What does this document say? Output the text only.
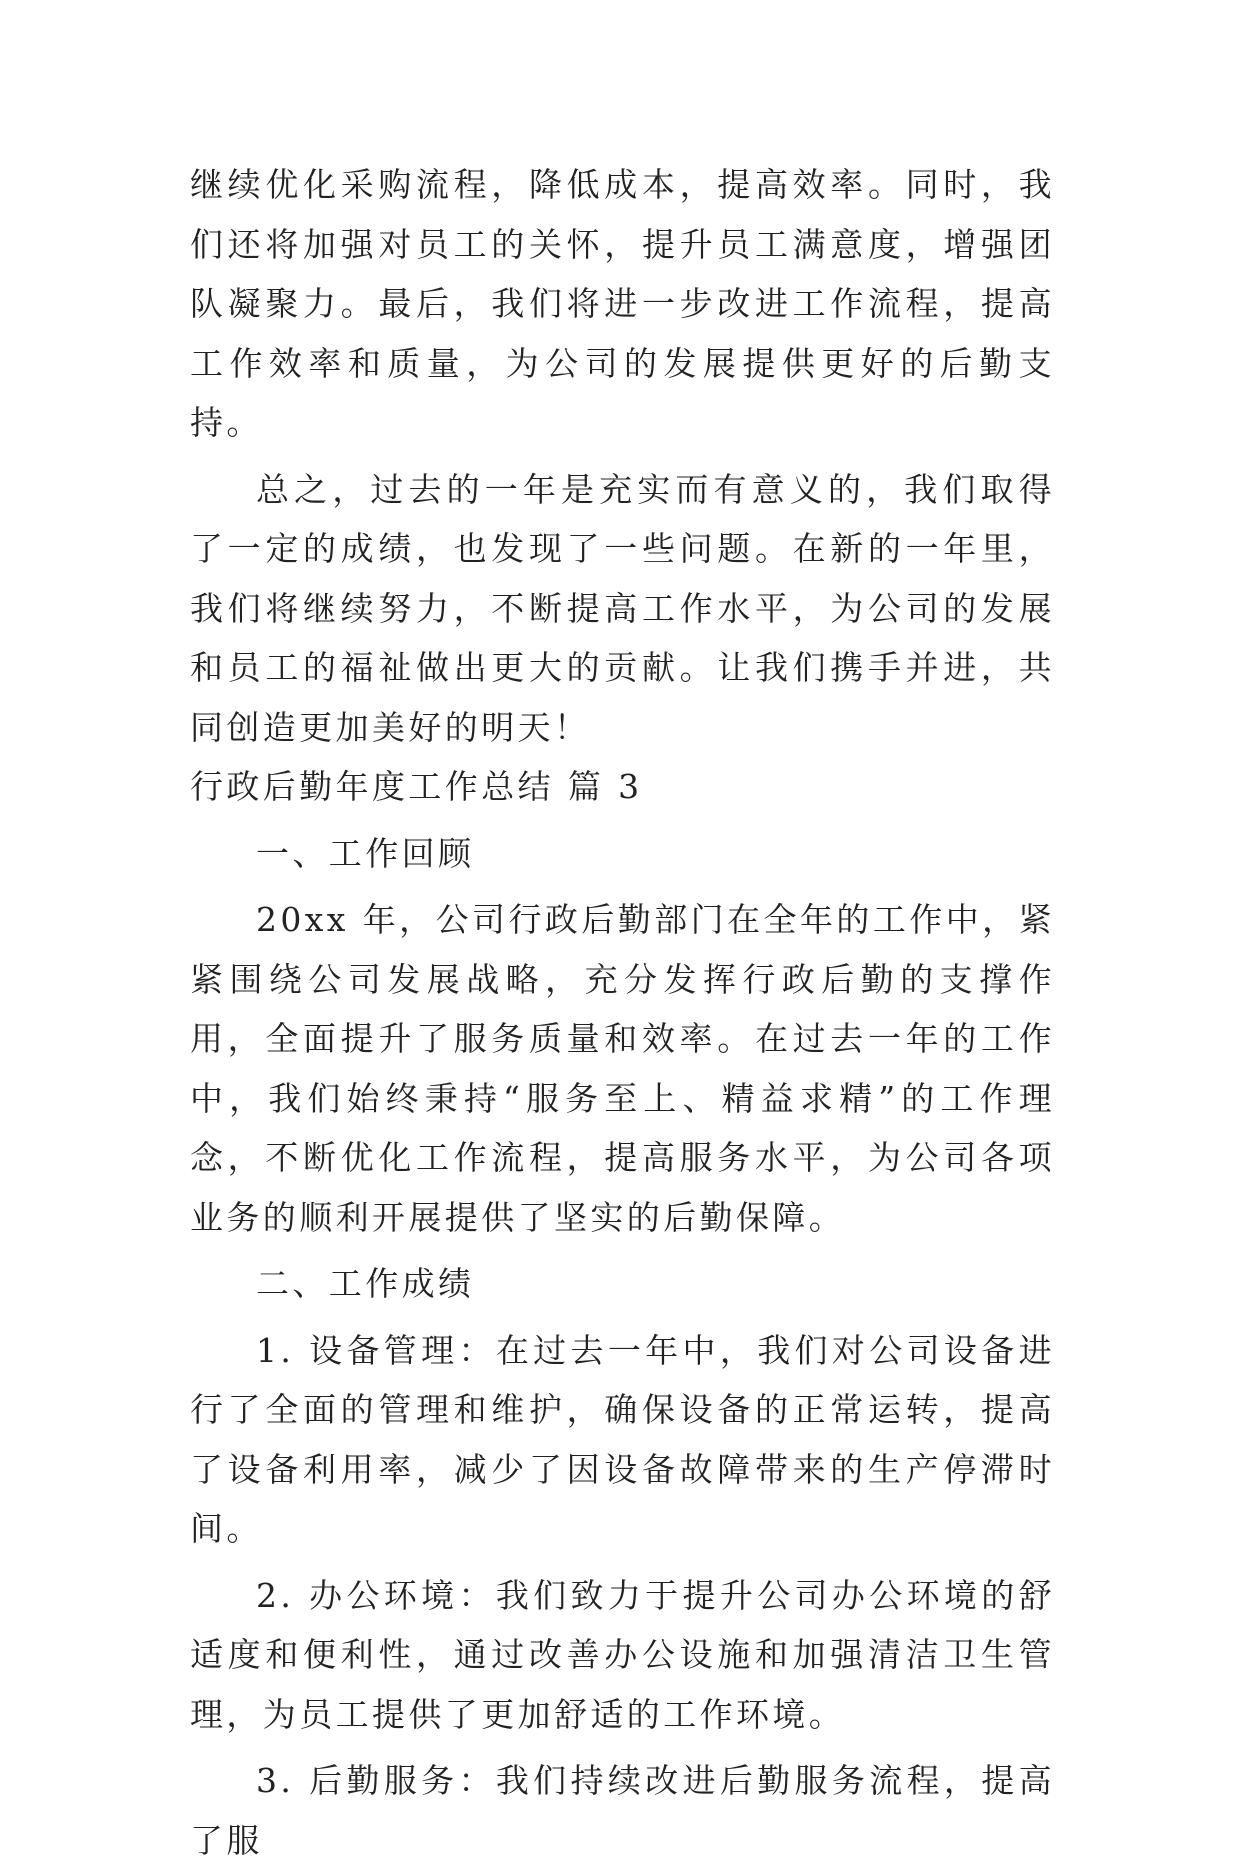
继续优化采购流程，降低成本，提高效率。同时，我们还将加强对员工的关怀，提升员工满意度，增强团队凝聚力。最后，我们将进一步改进工作流程，提高工作效率和质量，为公司的发展提供更好的后勤支持。

总之，过去的一年是充实而有意义的，我们取得了一定的成绩，也发现了一些问题。在新的一年里，我们将继续努力，不断提高工作水平，为公司的发展和员工的福祉做出更大的贡献。让我们携手并进，共同创造更加美好的明天！

行政后勤年度工作总结 篇 3

一、工作回顾

20xx 年，公司行政后勤部门在全年的工作中，紧紧围绕公司发展战略，充分发挥行政后勤的支撑作用，全面提升了服务质量和效率。在过去一年的工作中，我们始终秉持“服务至上、精益求精”的工作理念，不断优化工作流程，提高服务水平，为公司各项业务的顺利开展提供了坚实的后勤保障。

二、工作成绩

1. 设备管理：在过去一年中，我们对公司设备进行了全面的管理和维护，确保设备的正常运转，提高了设备利用率，减少了因设备故障带来的生产停滞时间。

2. 办公环境：我们致力于提升公司办公环境的舒适度和便利性，通过改善办公设施和加强清洁卫生管理，为员工提供了更加舒适的工作环境。

3. 后勤服务：我们持续改进后勤服务流程，提高了服
